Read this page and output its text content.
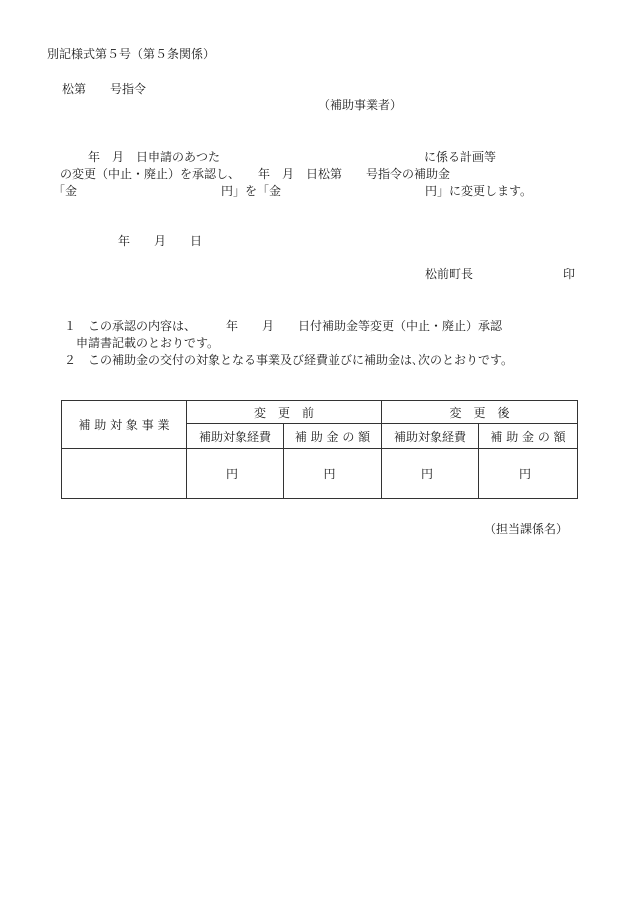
別記様式第５号（第５条関係）
松第　　号指令
（補助事業者）
年　月　日申請のあつた　　　　　　　　　　　　　　　　　に係る計画等
の変更（中止・廃止）を承認し、　　年　月　日松第　　号指令の補助金
「金　　　　　　　　　　　　円」を「金　　　　　　　　　　　　円」に変更します。
年　　月　　日
松前町長	印
１　この承認の内容は、　　　年　　月　　日付補助金等変更（中止・廃止）承認
申請書記載のとおりです。
２　この補助金の交付の対象となる事業及び経費並びに補助金は､次のとおりです。
補 助 対 象 事 業	変　更　前		変　更　後	
	補助対象経費	補 助 金 の 額	補助対象経費	補 助 金 の 額
	円	円	円	円
（担当課係名）
